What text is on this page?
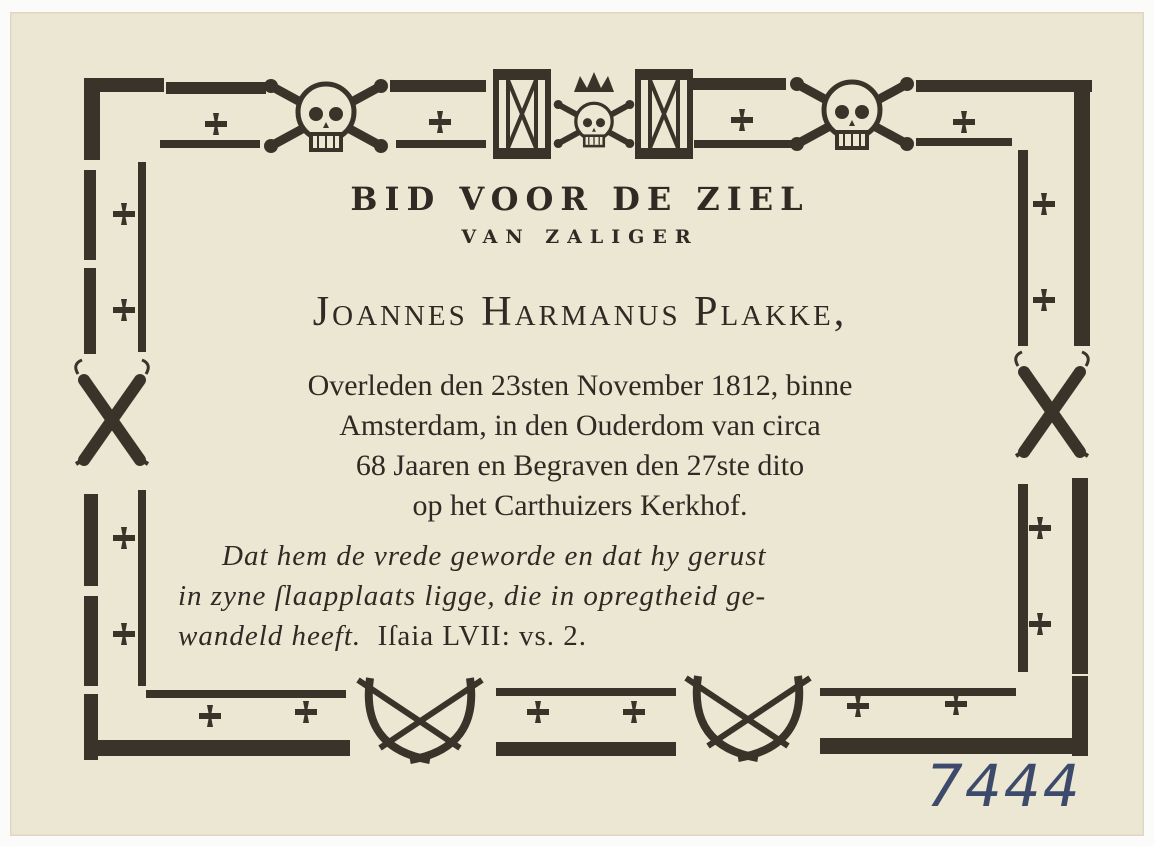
BID VOOR DE ZIEL
VAN ZALIGER
Joannes Harmanus Plakke,
Overleden den 23sten November 1812, binne
Amsterdam, in den Ouderdom van circa
68 Jaaren en Begraven den 27ste dito
op het Carthuizers Kerkhof.
Dat hem de vrede geworde en dat hy gerust
in zyne ſlaapplaats ligge, die in opregtheid ge-
wandeld heeft. Iſaia LVII: vs. 2.
7444
